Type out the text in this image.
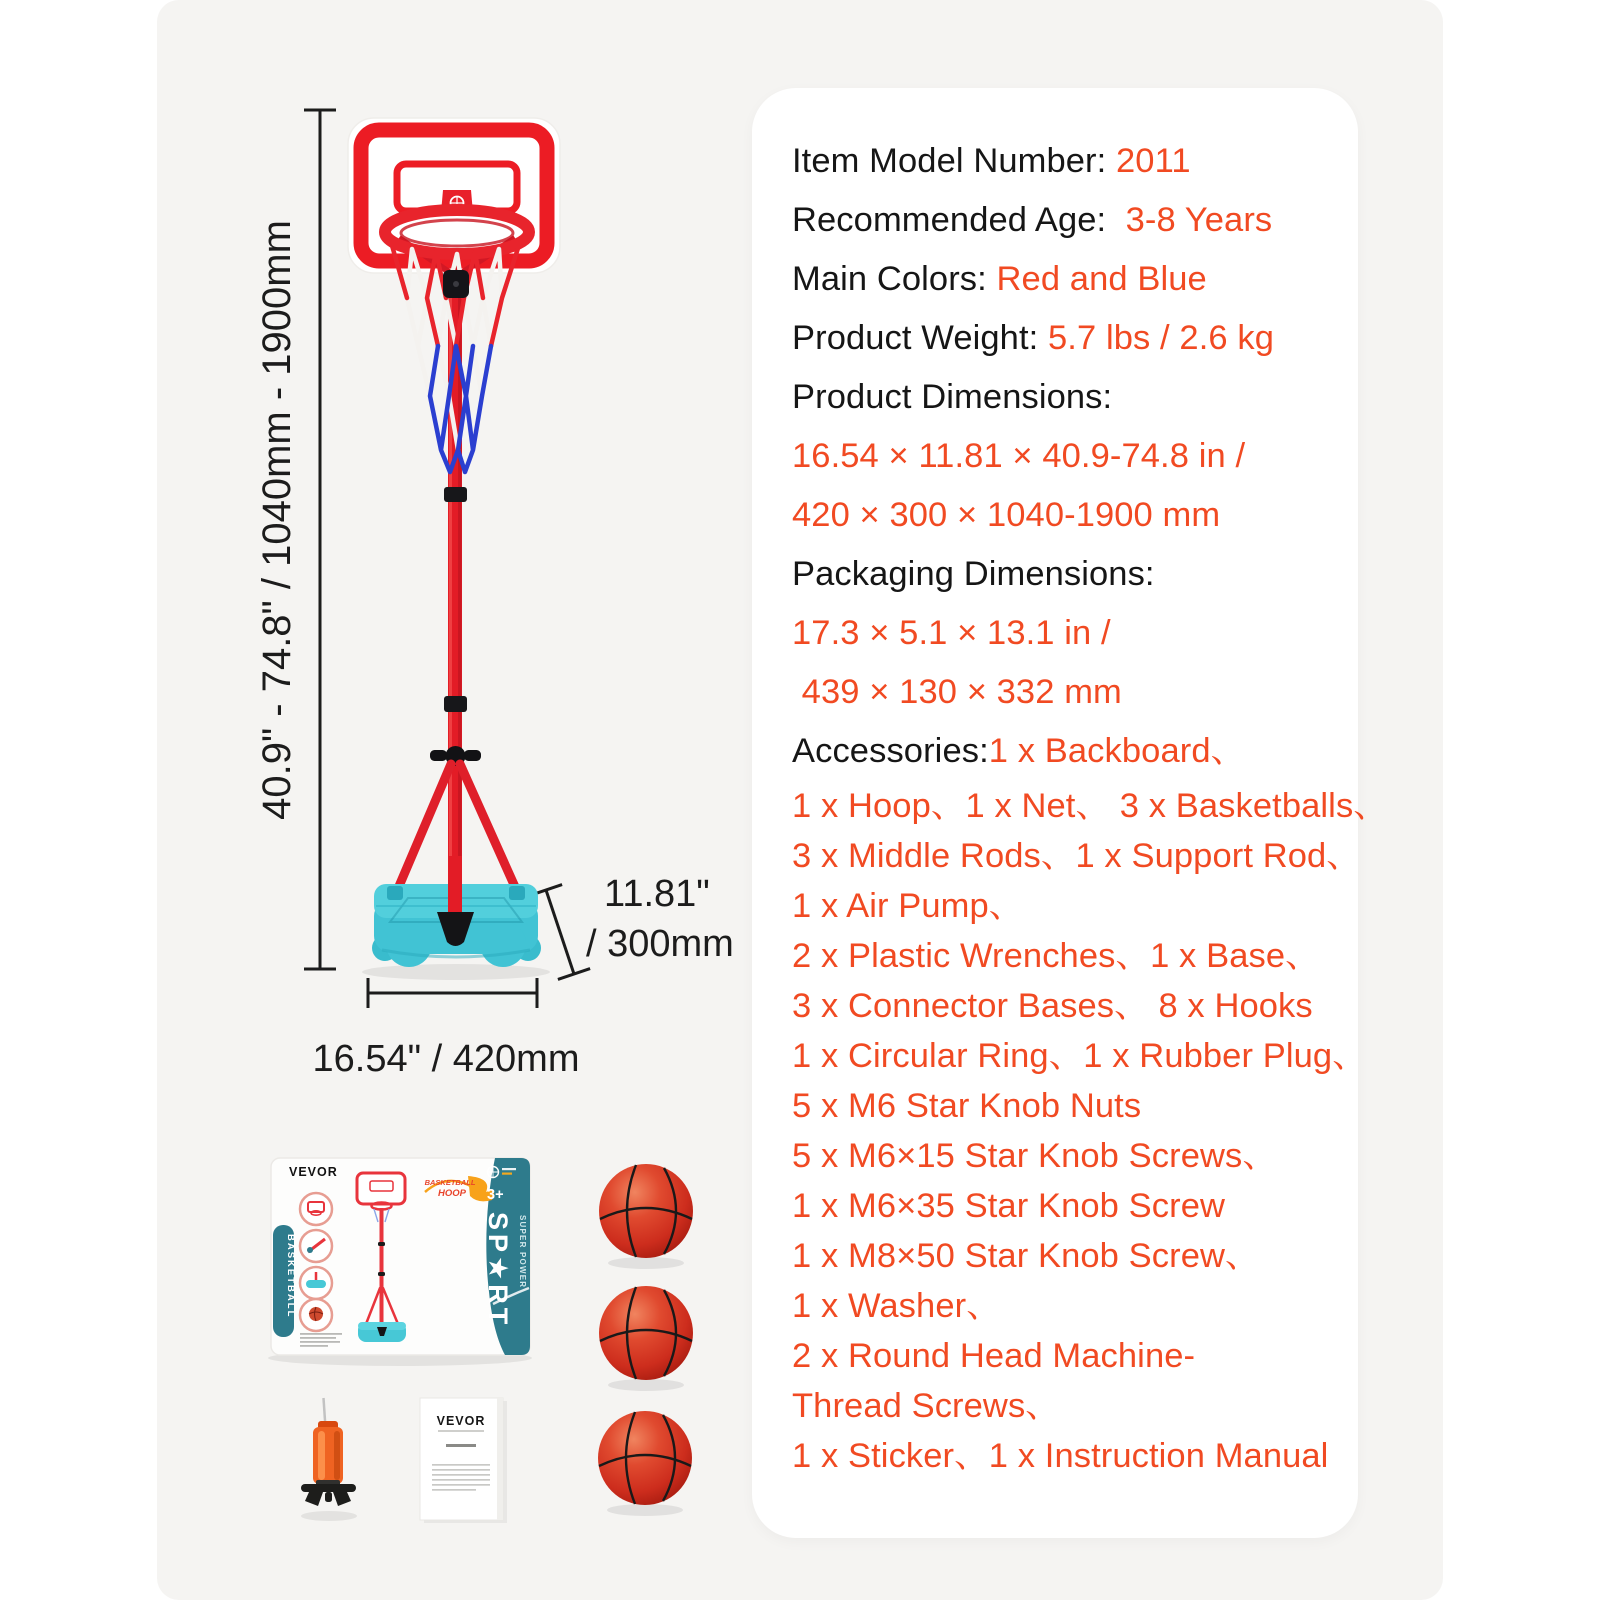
40.9" - 74.8" / 1040mm - 1900mm
11.81"
/ 300mm
16.54" / 420mm
VEVOR
BASKETBALL
HOOP
BASKETBALL
3+
SP★RT SUPER POWER
VEVOR
Item Model Number: 2011
Recommended Age: 3-8 Years
Main Colors: Red and Blue
Product Weight: 5.7 lbs / 2.6 kg
Product Dimensions:
16.54 × 11.81 × 40.9-74.8 in /
420 × 300 × 1040-1900 mm
Packaging Dimensions:
17.3 × 5.1 × 13.1 in /
439 × 130 × 332 mm
Accessories: 1 x Backboard、
1 x Hoop、1 x Net、 3 x Basketballs、
3 x Middle Rods、1 x Support Rod、
1 x Air Pump、
2 x Plastic Wrenches、1 x Base、
3 x Connector Bases、 8 x Hooks
1 x Circular Ring、1 x Rubber Plug、
5 x M6 Star Knob Nuts
5 x M6×15 Star Knob Screws、
1 x M6×35 Star Knob Screw
1 x M8×50 Star Knob Screw、
1 x Washer、
2 x Round Head Machine-
Thread Screws、
1 x Sticker、1 x Instruction Manual
